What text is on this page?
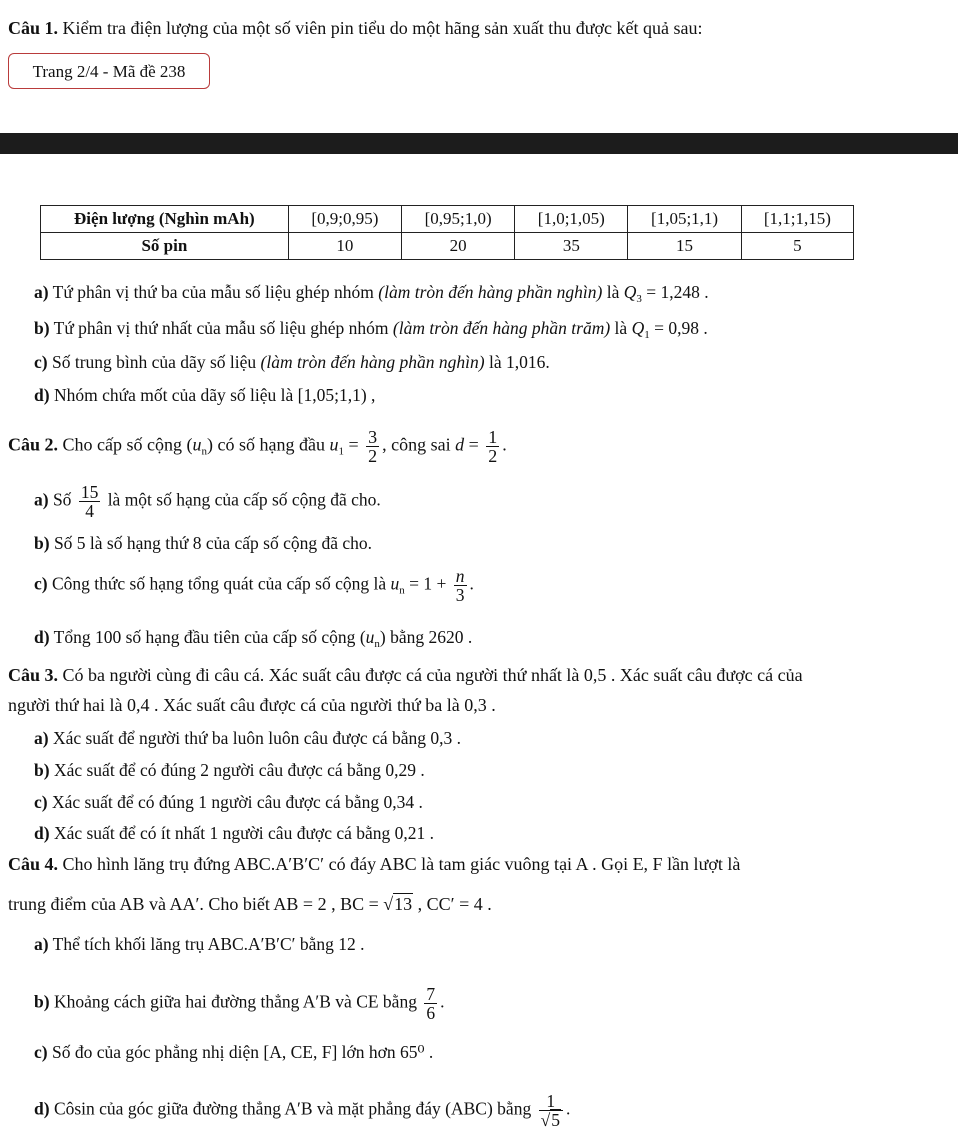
Câu 1. Kiểm tra điện lượng của một số viên pin tiểu do một hãng sản xuất thu được kết quả sau:
Trang 2/4 - Mã đề 238
Điện lượng (Nghìn mAh)	[0,9;0,95)	[0,95;1,0)	[1,0;1,05)	[1,05;1,1)	[1,1;1,15)
Số pin	10	20	35	15	5
a) Tứ phân vị thứ ba của mẫu số liệu ghép nhóm (làm tròn đến hàng phần nghìn) là $Q_3 = 1,248$ .
b) Tứ phân vị thứ nhất của mẫu số liệu ghép nhóm (làm tròn đến hàng phần trăm) là $Q_1 = 0,98$ .
c) Số trung bình của dãy số liệu (làm tròn đến hàng phần nghìn) là 1,016.
d) Nhóm chứa mốt của dãy số liệu là [1,05;1,1) ,
Câu 2. Cho cấp số cộng $(u_n)$ có số hạng đầu $u_1 = \frac{3}{2}$ , công sai $d = \frac{1}{2}$ .
a) Số $\frac{15}{4}$ là một số hạng của cấp số cộng đã cho.
b) Số 5 là số hạng thứ 8 của cấp số cộng đã cho.
c) Công thức số hạng tổng quát của cấp số cộng là $u_n = 1 + \frac{n}{3}$ .
d) Tổng 100 số hạng đầu tiên của cấp số cộng $(u_n)$ bằng 2620 .
Câu 3. Có ba người cùng đi câu cá. Xác suất câu được cá của người thứ nhất là 0,5 . Xác suất câu được cá của
người thứ hai là 0,4 . Xác suất câu được cá của người thứ ba là 0,3 .
a) Xác suất để người thứ ba luôn luôn câu được cá bằng 0,3 .
b) Xác suất để có đúng 2 người câu được cá bằng 0,29 .
c) Xác suất để có đúng 1 người câu được cá bằng 0,34 .
d) Xác suất để có ít nhất 1 người câu được cá bằng 0,21 .
Câu 4. Cho hình lăng trụ đứng ABC.A′B′C′ có đáy ABC là tam giác vuông tại A . Gọi E, F lần lượt là
trung điểm của AB và AA′. Cho biết AB = 2 , BC = √13 , CC′ = 4 .
a) Thể tích khối lăng trụ ABC.A′B′C′ bằng 12 .
b) Khoảng cách giữa hai đường thẳng A′B và CE bằng $\frac{7}{6}$ .
c) Số đo của góc phẳng nhị diện [A, CE, F] lớn hơn 65⁰ .
d) Côsin của góc giữa đường thẳng A′B và mặt phẳng đáy (ABC) bằng $\frac{1}{√5}$ .
